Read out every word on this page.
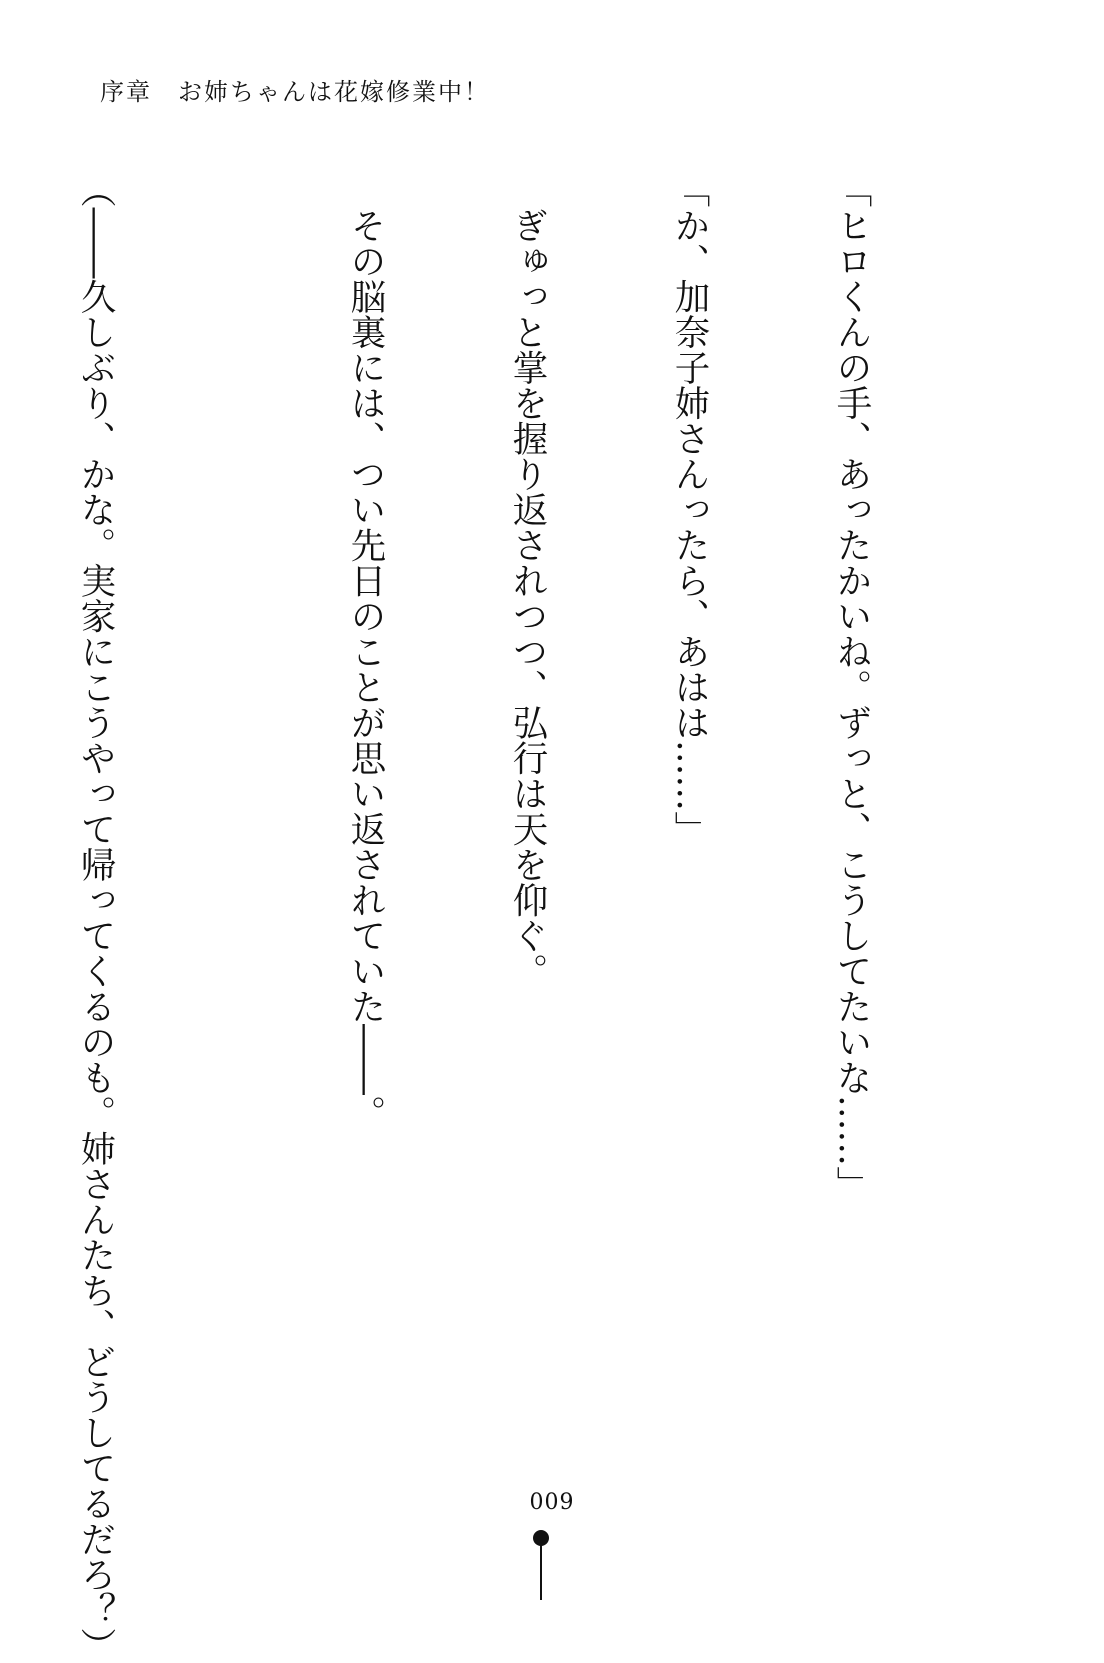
序章　お姉ちゃんは花嫁修業中！

「ヒロくんの手、あったかいね。ずっと、こうしてたいな……」

「か、加奈子姉さんったら、あはは……」

　ぎゅっと掌を握り返されつつ、弘行は天を仰ぐ。

　その脳裏には、つい先日のことが思い返されていた――。

（――久しぶり、かな。実家にこうやって帰ってくるのも。姉さんたち、どうしてるだろ？）

	009
